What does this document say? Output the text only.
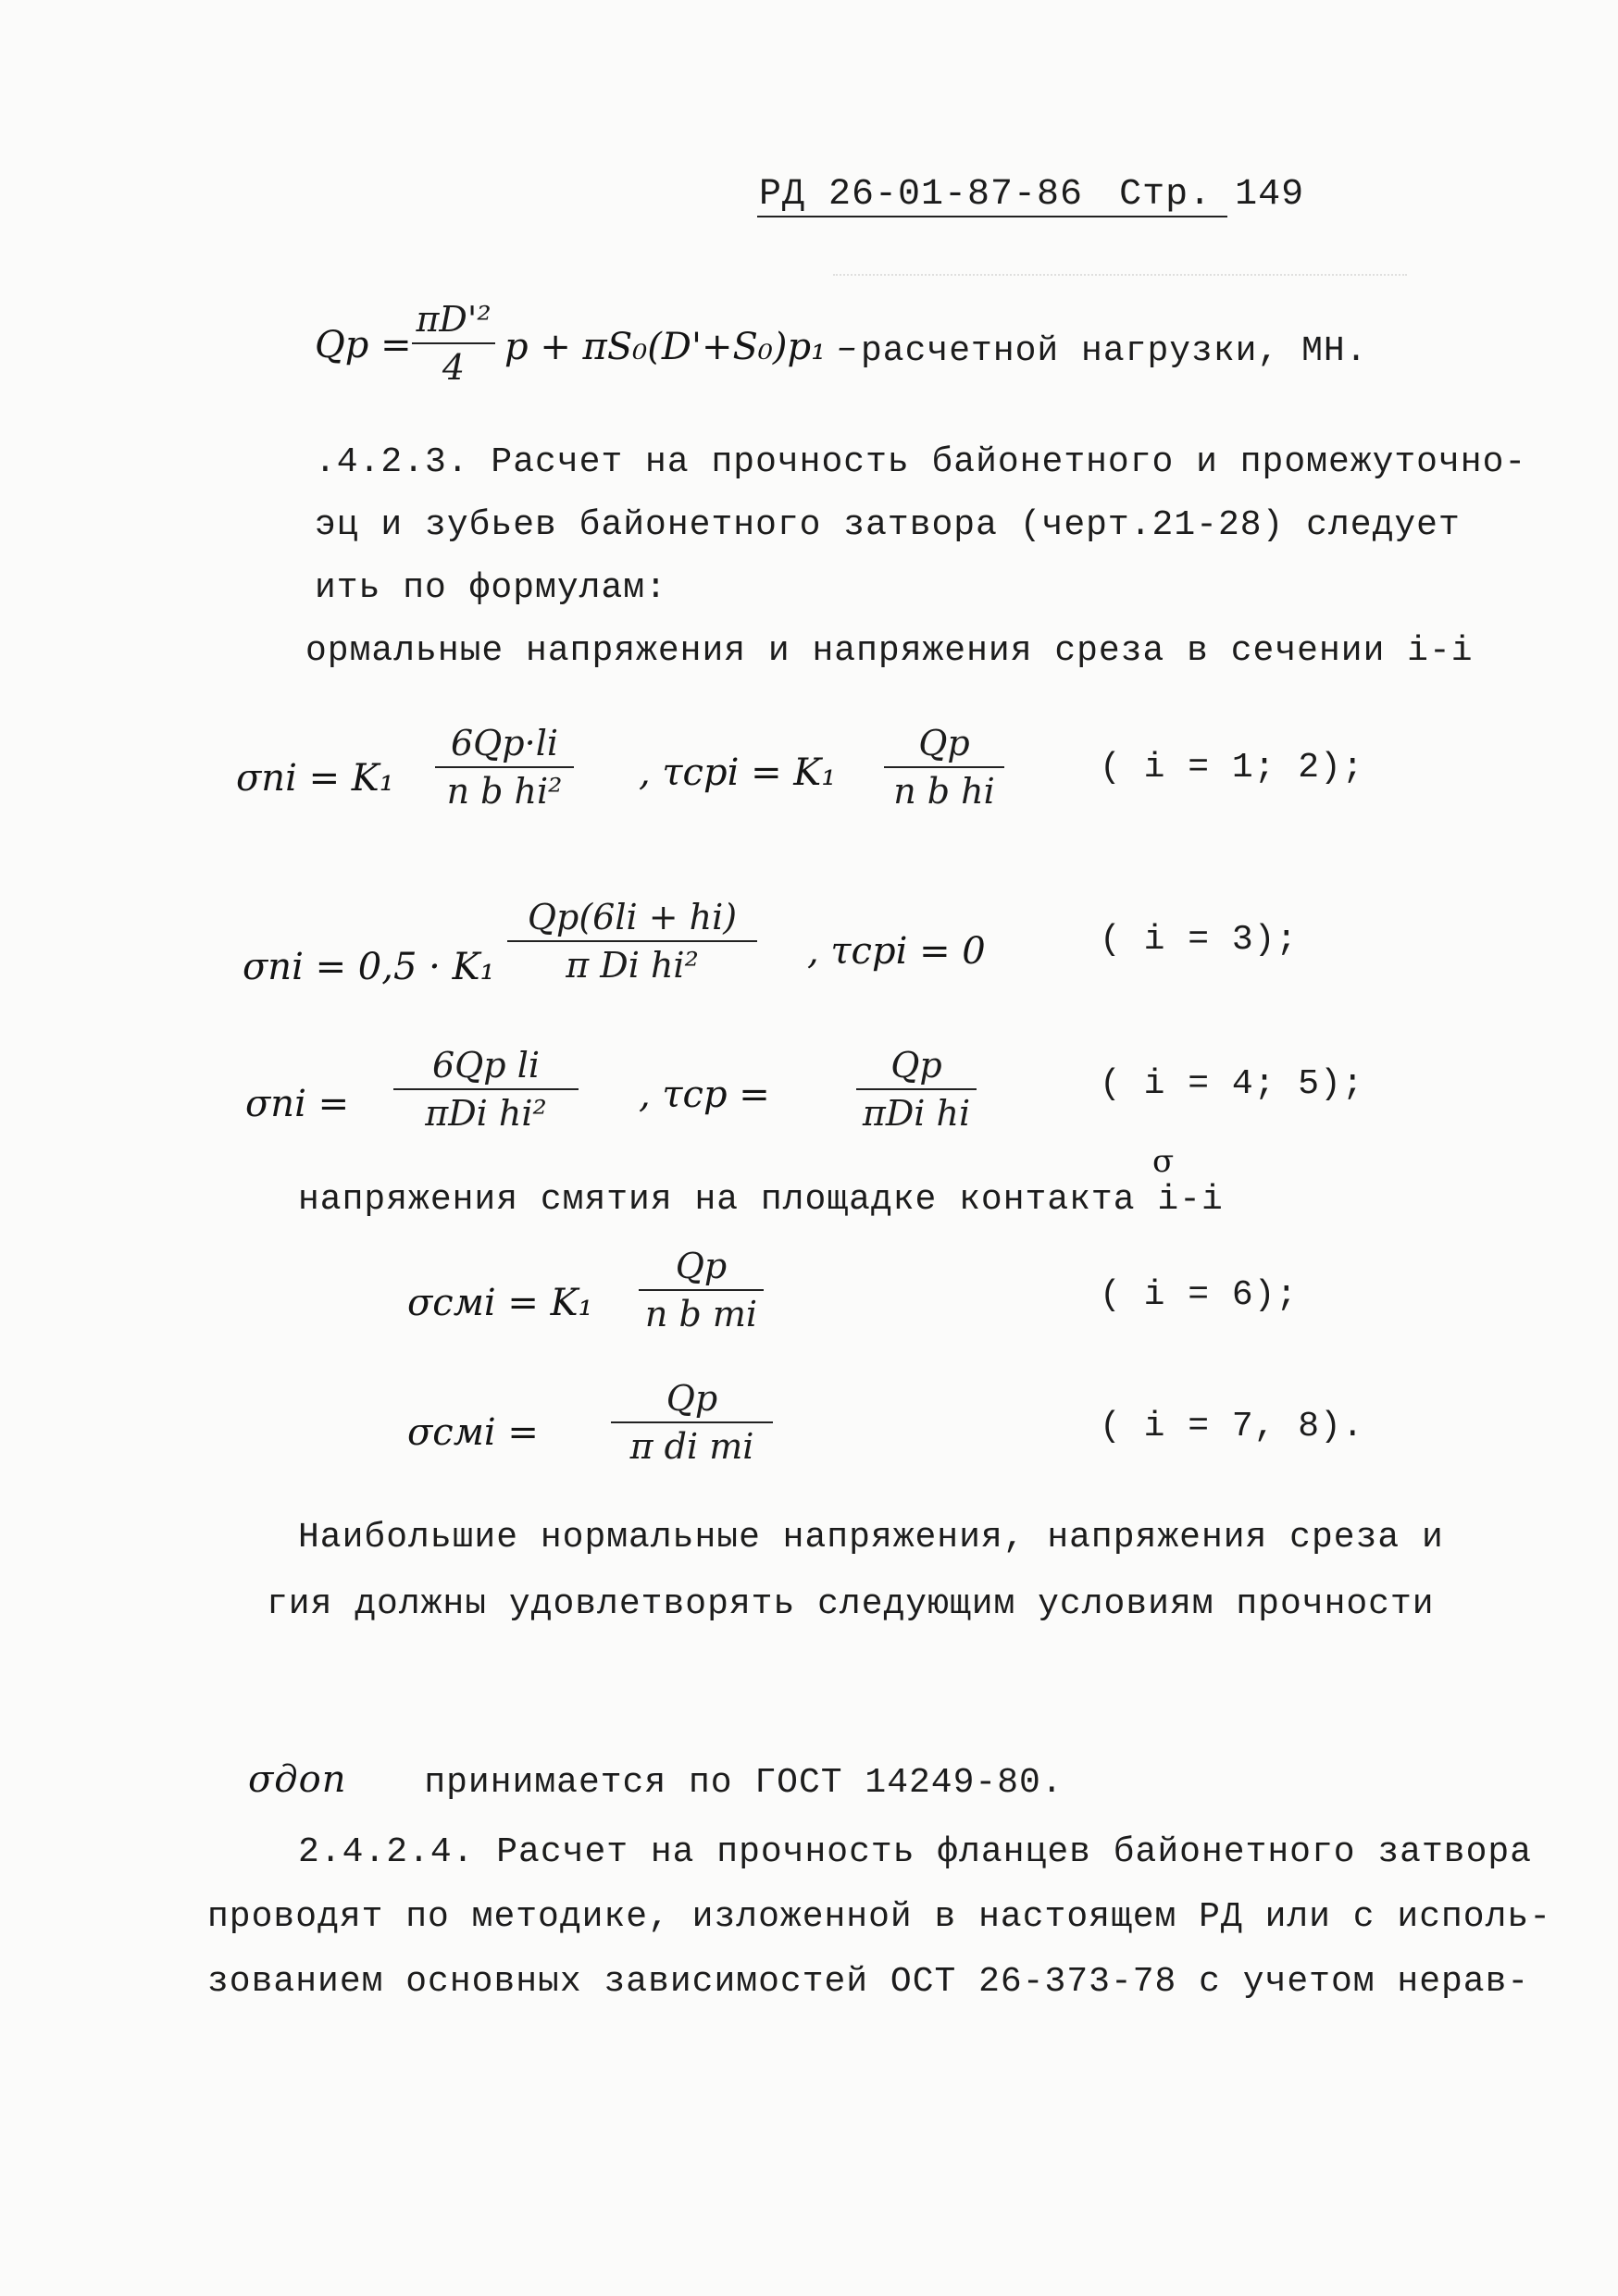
РД 26-01-87-86 Стр. 149
Qр =
πD'²
4	p + πS₀(D'+S₀)p₁ – расчетной нагрузки, МН.
.4.2.3. Расчет на прочность байонетного и промежуточно-
эц и зубьев байонетного затвора (черт.21-28) следует
ить по формулам:
ормальные напряжения и напряжения среза в сечении i-i
σni = K₁
6Qp·li
n b hi²	, τcpi = K₁
Qp
n b hi
( i = 1; 2);
σni = 0,5 · K₁
Qp(6li + hi)
π Di hi²	, τcpi = 0	( i = 3);
σni =
6Qp li
πDi hi²	, τcp =
Qp
πDi hi
( i = 4; 5);
напряжения смятия на площадке контакта i-i
σ
σсмi = K₁
Qp
n b mi	( i = 6);
σсмi =
Qp
π di mi	( i = 7, 8).
Наибольшие нормальные напряжения, напряжения среза и
гия должны удовлетворять следующим условиям прочности
σдоп принимается по ГОСТ 14249-80.
2.4.2.4. Расчет на прочность фланцев байонетного затвора
проводят по методике, изложенной в настоящем РД или с исполь-
зованием основных зависимостей ОСТ 26-373-78 с учетом нерав-
